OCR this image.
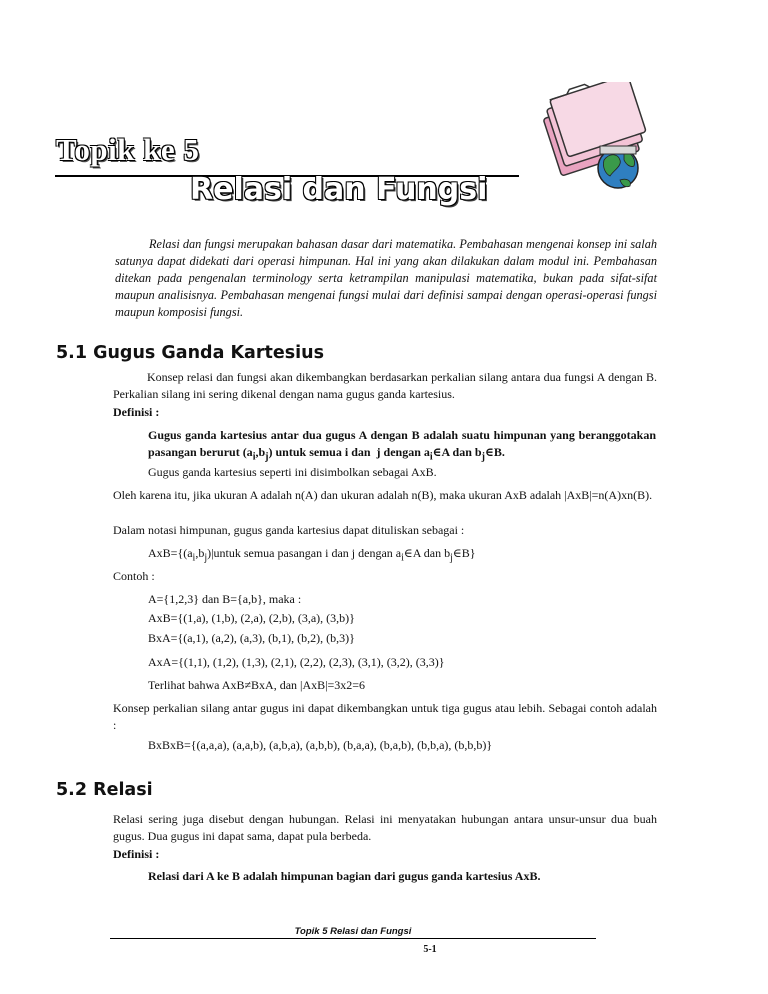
Topik ke 5
Relasi dan Fungsi
Relasi dan fungsi merupakan bahasan dasar dari matematika. Pembahasan mengenai konsep ini salah satunya dapat didekati dari operasi himpunan. Hal ini yang akan dilakukan dalam modul ini. Pembahasan ditekan pada pengenalan terminology serta ketrampilan manipulasi matematika, bukan pada sifat-sifat maupun analisisnya. Pembahasan mengenai fungsi mulai dari definisi sampai dengan operasi-operasi fungsi maupun komposisi fungsi.
5.1 Gugus Ganda Kartesius
Konsep relasi dan fungsi akan dikembangkan berdasarkan perkalian silang antara dua fungsi A dengan B. Perkalian silang ini sering dikenal dengan nama gugus ganda kartesius.
Definisi :
Gugus ganda kartesius antar dua gugus A dengan B adalah suatu himpunan yang beranggotakan pasangan berurut $(a_i,b_j)$ untuk semua i dan  j dengan $a_i\in A$ dan $b_j\in B$.
Gugus ganda kartesius seperti ini disimbolkan sebagai AxB.
Oleh karena itu, jika ukuran A adalah n(A) dan ukuran adalah n(B), maka ukuran AxB adalah |AxB|=n(A)xn(B).
Dalam notasi himpunan, gugus ganda kartesius dapat dituliskan sebagai :
$AxB=\{(a_i,b_j)|untuk$ semua pasangan i dan j dengan $a_i\in A$ dan $b_j\in B$}
Contoh :
A={1,2,3} dan B={a,b}, maka :
AxB={(1,a), (1,b), (2,a), (2,b), (3,a), (3,b)}
BxA={(a,1), (a,2), (a,3), (b,1), (b,2), (b,3)}
AxA={(1,1), (1,2), (1,3), (2,1), (2,2), (2,3), (3,1), (3,2), (3,3)}
Terlihat bahwa AxB≠BxA, dan |AxB|=3x2=6
Konsep perkalian silang antar gugus ini dapat dikembangkan untuk tiga gugus atau lebih. Sebagai contoh adalah :
BxBxB={(a,a,a), (a,a,b), (a,b,a), (a,b,b), (b,a,a), (b,a,b), (b,b,a), (b,b,b)}
5.2 Relasi
Relasi sering juga disebut dengan hubungan. Relasi ini menyatakan hubungan antara unsur-unsur dua buah gugus. Dua gugus ini dapat sama, dapat pula berbeda.
Definisi :
Relasi dari A ke B adalah himpunan bagian dari gugus ganda kartesius AxB.
Topik 5 Relasi dan Fungsi
5-1
